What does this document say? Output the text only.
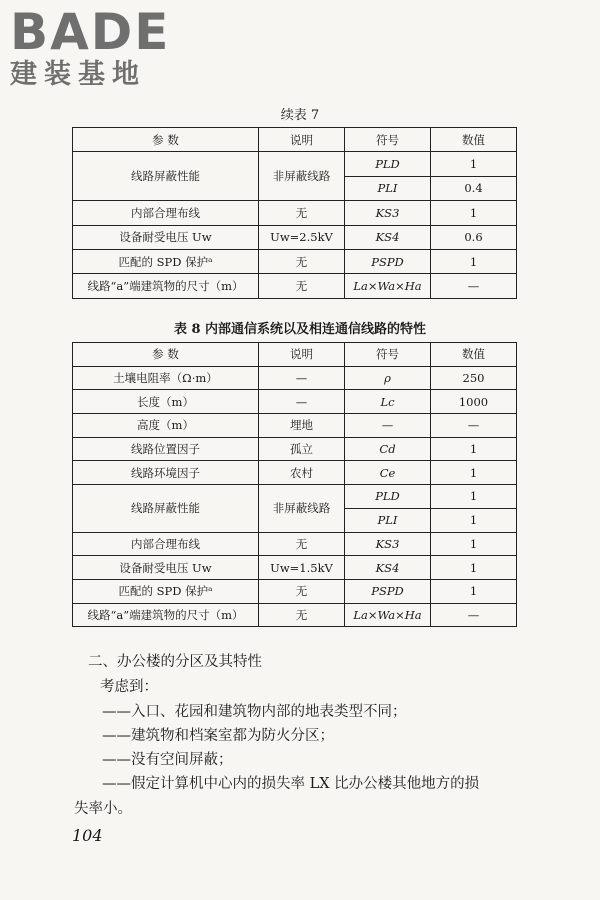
BADE
建装基地
续表 7
参 数	说明	符号	数值
线路屏蔽性能	非屏蔽线路	PLD	1
		PLI	0.4
内部合理布线	无	KS3	1
设备耐受电压 Uw	Uw=2.5kV	KS4	0.6
匹配的 SPD 保护ᵃ	无	PSPD	1
线路“a”端建筑物的尺寸（m）	无	La×Wa×Ha	—
表 8 内部通信系统以及相连通信线路的特性
参 数	说明	符号	数值
土壤电阻率（Ω·m）	—	ρ	250
长度（m）	—	Lc	1000
高度（m）	埋地	—	—
线路位置因子	孤立	Cd	1
线路环境因子	农村	Ce	1
线路屏蔽性能	非屏蔽线路	PLD	1
		PLI	1
内部合理布线	无	KS3	1
设备耐受电压 Uw	Uw=1.5kV	KS4	1
匹配的 SPD 保护ᵃ	无	PSPD	1
线路“a”端建筑物的尺寸（m）	无	La×Wa×Ha	—
二、办公楼的分区及其特性
考虑到：
——入口、花园和建筑物内部的地表类型不同；
——建筑物和档案室都为防火分区；
——没有空间屏蔽；
——假定计算机中心内的损失率 LX 比办公楼其他地方的损
失率小。
104
